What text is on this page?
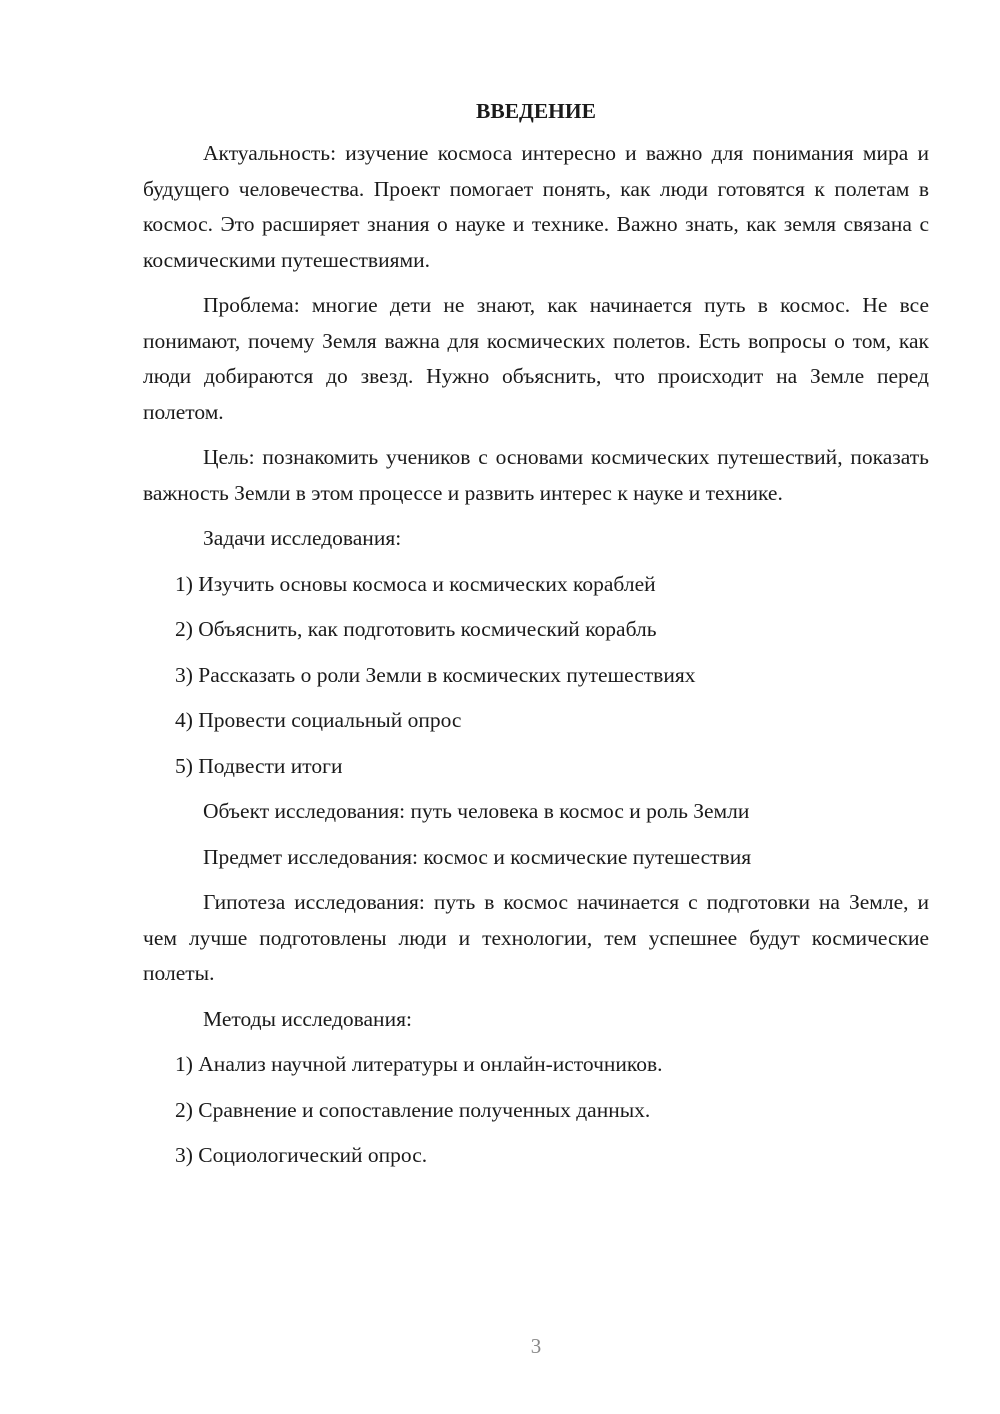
ВВЕДЕНИЕ

Актуальность: изучение космоса интересно и важно для понимания мира и будущего человечества. Проект помогает понять, как люди готовятся к полетам в космос. Это расширяет знания о науке и технике. Важно знать, как земля связана с космическими путешествиями.

Проблема: многие дети не знают, как начинается путь в космос. Не все понимают, почему Земля важна для космических полетов. Есть вопросы о том, как люди добираются до звезд. Нужно объяснить, что происходит на Земле перед полетом.

Цель: познакомить учеников с основами космических путешествий, показать важность Земли в этом процессе и развить интерес к науке и технике.

Задачи исследования:

1) Изучить основы космоса и космических кораблей

2) Объяснить, как подготовить космический корабль

3) Рассказать о роли Земли в космических путешествиях

4) Провести социальный опрос

5) Подвести итоги

Объект исследования: путь человека в космос и роль Земли

Предмет исследования: космос и космические путешествия

Гипотеза исследования: путь в космос начинается с подготовки на Земле, и чем лучше подготовлены люди и технологии, тем успешнее будут космические полеты.

Методы исследования:

1) Анализ научной литературы и онлайн-источников.

2) Сравнение и сопоставление полученных данных.

3) Социологический опрос.

3
